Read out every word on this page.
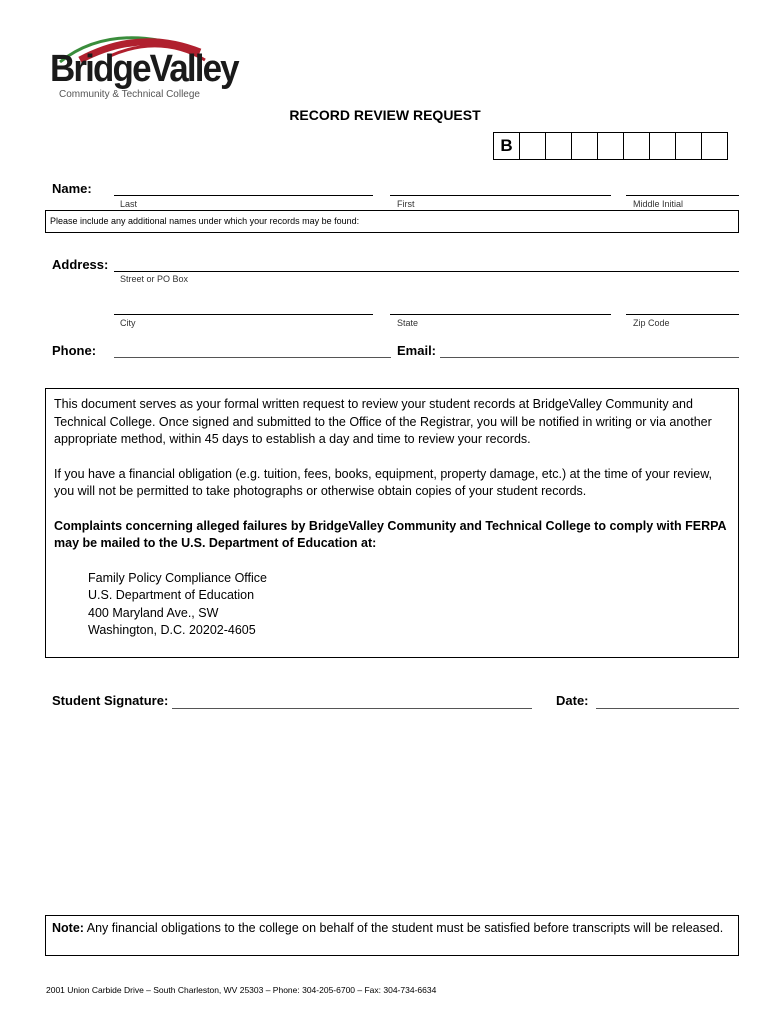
BridgeValley
Community & Technical College
RECORD REVIEW REQUEST
B
Name:
Last	First	Middle Initial
Please include any additional names under which your records may be found:
Address:
Street or PO Box
City	State	Zip Code
Phone:	Email:

This document serves as your formal written request to review your student records at BridgeValley Community and Technical College. Once signed and submitted to the Office of the Registrar, you will be notified in writing or via another appropriate method, within 45 days to establish a day and time to review your records.

If you have a financial obligation (e.g. tuition, fees, books, equipment, property damage, etc.) at the time of your review, you will not be permitted to take photographs or otherwise obtain copies of your student records.

Complaints concerning alleged failures by BridgeValley Community and Technical College to comply with FERPA may be mailed to the U.S. Department of Education at:

Family Policy Compliance Office
U.S. Department of Education
400 Maryland Ave., SW
Washington, D.C. 20202-4605
Student Signature:	Date:
Note: Any financial obligations to the college on behalf of the student must be satisfied before transcripts will be released.
2001 Union Carbide Drive – South Charleston, WV 25303 – Phone: 304-205-6700 – Fax: 304-734-6634
